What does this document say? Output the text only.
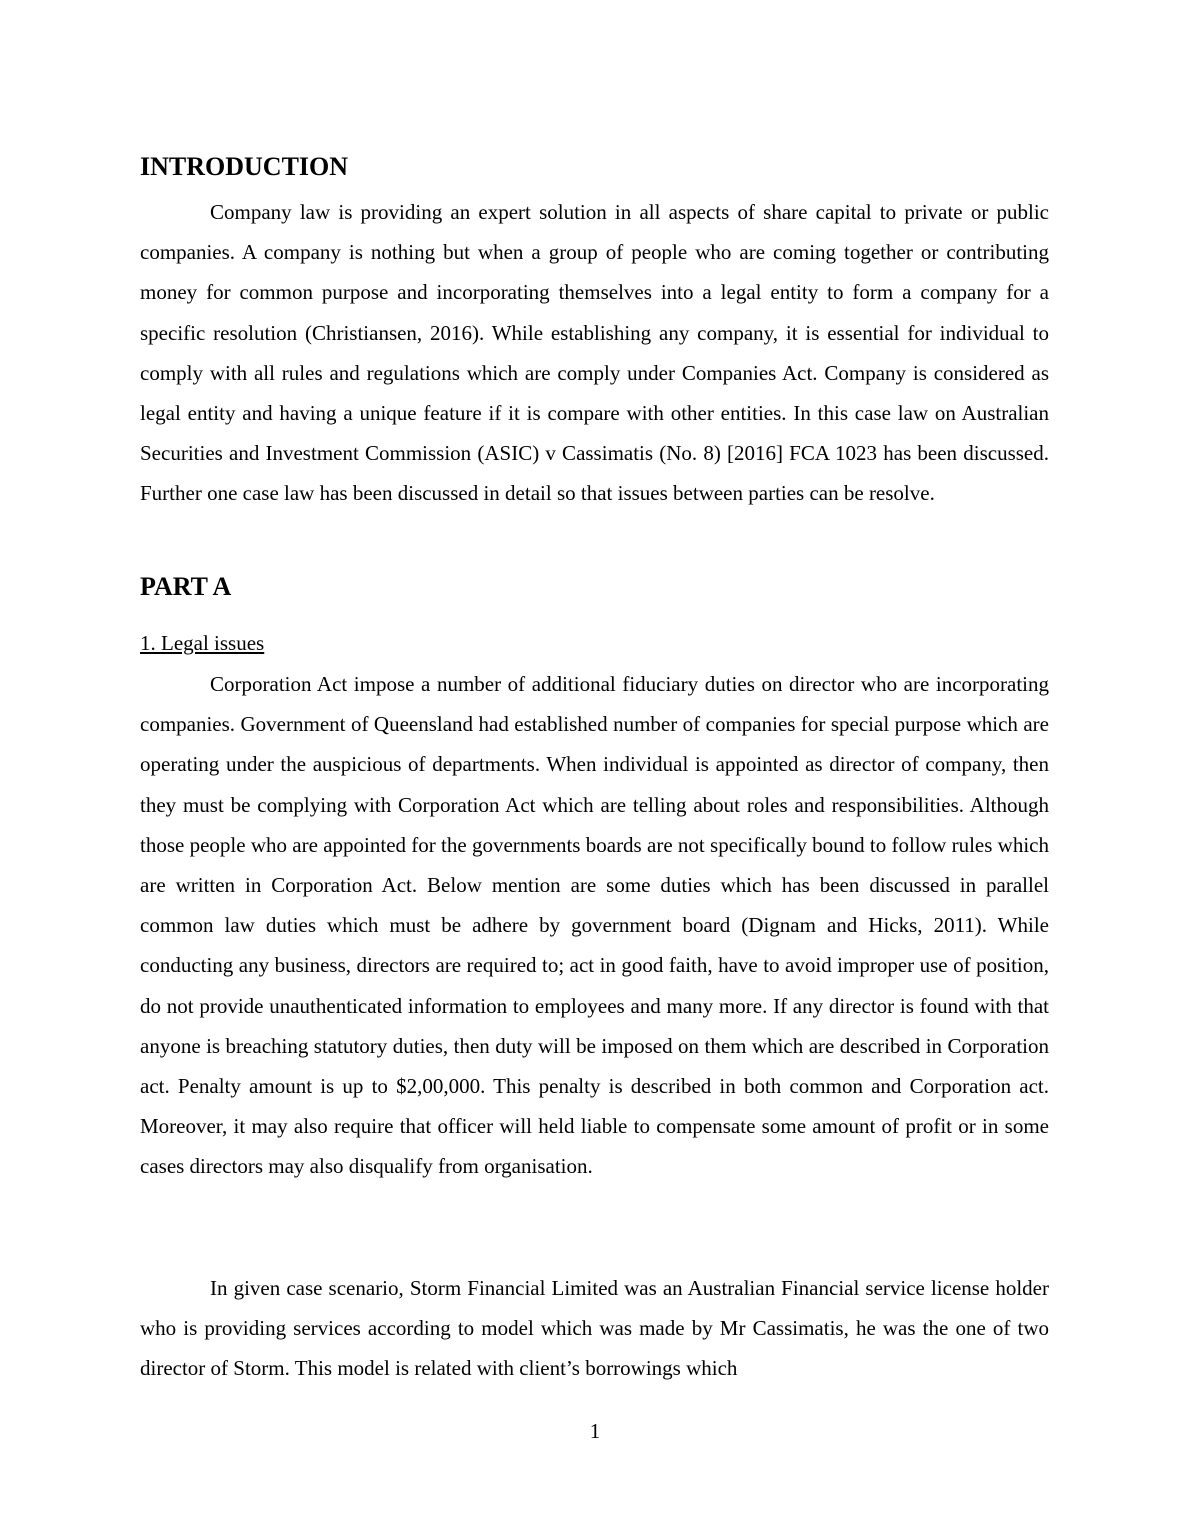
INTRODUCTION

Company law is providing an expert solution in all aspects of share capital to private or public companies. A company is nothing but when a group of people who are coming together or contributing money for common purpose and incorporating themselves into a legal entity to form a company for a specific resolution (Christiansen, 2016). While establishing any company, it is essential for individual to comply with all rules and regulations which are comply under Companies Act. Company is considered as legal entity and having a unique feature if it is compare with other entities. In this case law on Australian Securities and Investment Commission (ASIC) v Cassimatis (No. 8) [2016] FCA 1023 has been discussed. Further one case law has been discussed in detail so that issues between parties can be resolve.

PART A
1. Legal issues

Corporation Act impose a number of additional fiduciary duties on director who are incorporating companies. Government of Queensland had established number of companies for special purpose which are operating under the auspicious of departments. When individual is appointed as director of company, then they must be complying with Corporation Act which are telling about roles and responsibilities. Although those people who are appointed for the governments boards are not specifically bound to follow rules which are written in Corporation Act. Below mention are some duties which has been discussed in parallel common law duties which must be adhere by government board (Dignam and Hicks, 2011). While conducting any business, directors are required to; act in good faith, have to avoid improper use of position, do not provide unauthenticated information to employees and many more. If any director is found with that anyone is breaching statutory duties, then duty will be imposed on them which are described in Corporation act. Penalty amount is up to $2,00,000. This penalty is described in both common and Corporation act. Moreover, it may also require that officer will held liable to compensate some amount of profit or in some cases directors may also disqualify from organisation.

In given case scenario, Storm Financial Limited was an Australian Financial service license holder who is providing services according to model which was made by Mr Cassimatis, he was the one of two director of Storm. This model is related with client’s borrowings which

1
